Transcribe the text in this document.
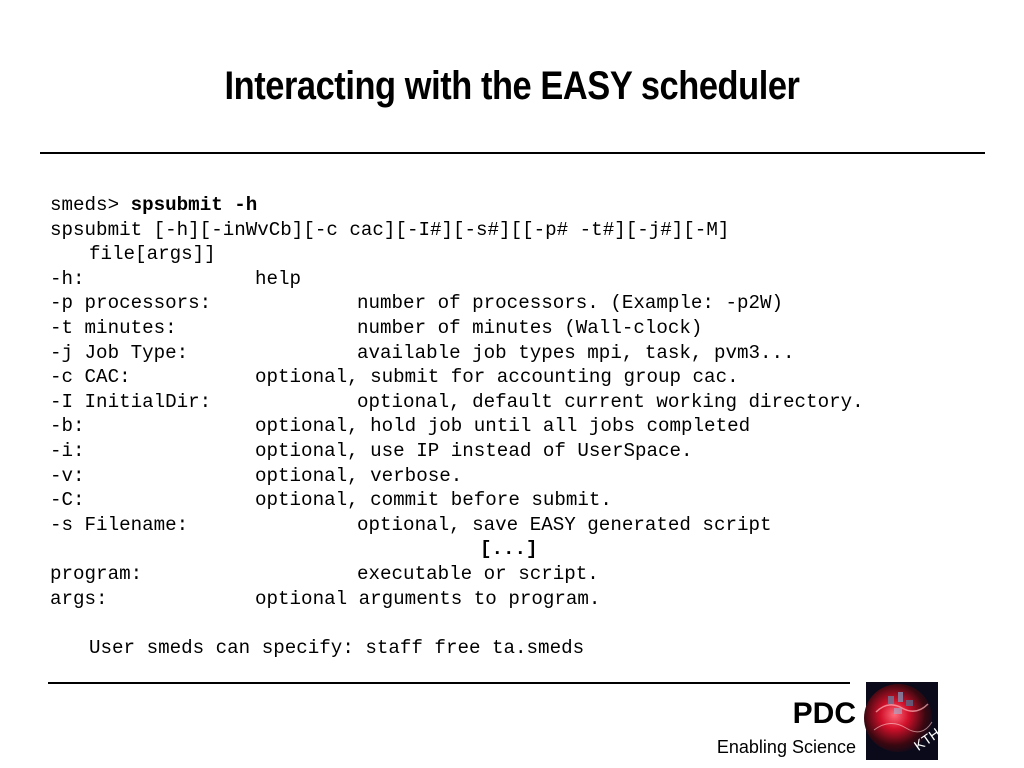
Interacting with the EASY scheduler
smeds> spsubmit -h
spsubmit [-h][-inWvCb][-c cac][-I#][-s#][[-p# -t#][-j#][-M]
file[args]]
-h:	help
-p processors:	number of processors. (Example: -p2W)
-t minutes:	number of minutes (Wall-clock)
-j Job Type:	available job types mpi, task, pvm3...
-c CAC:	optional, submit for accounting group cac.
-I InitialDir:	optional, default current working directory.
-b:	optional, hold job until all jobs completed
-i:	optional, use IP instead of UserSpace.
-v:	optional, verbose.
-C:	optional, commit before submit.
-s Filename:	optional, save EASY generated script
[...]
program:	executable or script.
args:	optional arguments to program.
User smeds can specify: staff free ta.smeds
PDC
Enabling Science	KTH
